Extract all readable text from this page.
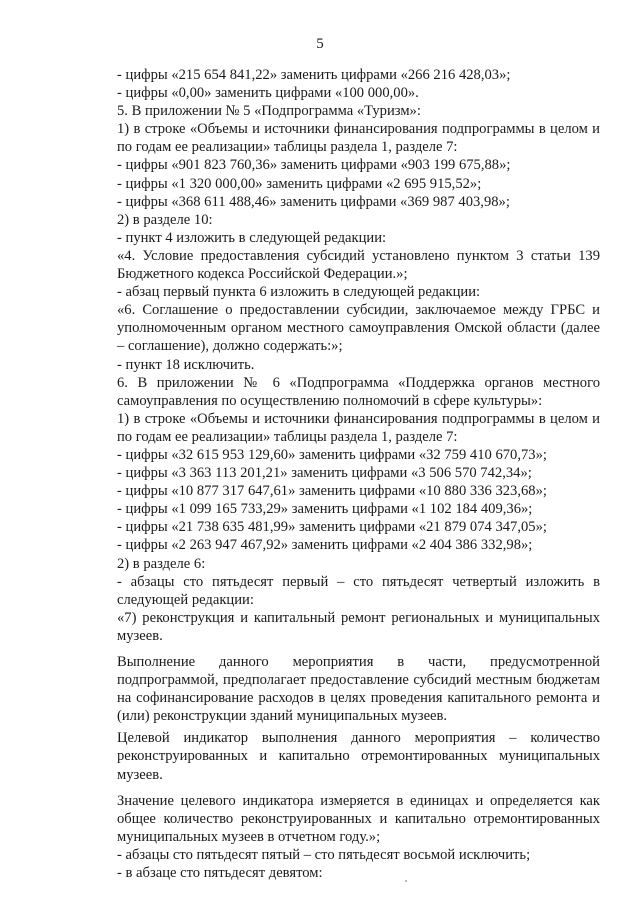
5

- цифры «215 654 841,22» заменить цифрами «266 216 428,03»;

- цифры «0,00» заменить цифрами «100 000,00».

5. В приложении № 5 «Подпрограмма «Туризм»:

1) в строке «Объемы и источники финансирования подпрограммы в целом и по годам ее реализации» таблицы раздела 1, разделе 7:

- цифры «901 823 760,36» заменить цифрами «903 199 675,88»;

- цифры «1 320 000,00» заменить цифрами «2 695 915,52»;

- цифры «368 611 488,46» заменить цифрами «369 987 403,98»;

2) в разделе 10:

- пункт 4 изложить в следующей редакции:

«4. Условие предоставления субсидий установлено пунктом 3 статьи 139 Бюджетного кодекса Российской Федерации.»;

- абзац первый пункта 6 изложить в следующей редакции:

«6. Соглашение о предоставлении субсидии, заключаемое между ГРБС и уполномоченным органом местного самоуправления Омской области (далее – соглашение), должно содержать:»;

- пункт 18 исключить.

6. В приложении № 6 «Подпрограмма «Поддержка органов местного самоуправления по осуществлению полномочий в сфере культуры»:

1) в строке «Объемы и источники финансирования подпрограммы в целом и по годам ее реализации» таблицы раздела 1, разделе 7:

- цифры «32 615 953 129,60» заменить цифрами «32 759 410 670,73»;

- цифры «3 363 113 201,21» заменить цифрами «3 506 570 742,34»;

- цифры «10 877 317 647,61» заменить цифрами «10 880 336 323,68»;

- цифры «1 099 165 733,29» заменить цифрами «1 102 184 409,36»;

- цифры «21 738 635 481,99» заменить цифрами «21 879 074 347,05»;

- цифры «2 263 947 467,92» заменить цифрами «2 404 386 332,98»;

2) в разделе 6:

- абзацы сто пятьдесят первый – сто пятьдесят четвертый изложить в следующей редакции:

«7) реконструкция и капитальный ремонт региональных и муниципальных музеев.

Выполнение данного мероприятия в части, предусмотренной подпрограммой, предполагает предоставление субсидий местным бюджетам на софинансирование расходов в целях проведения капитального ремонта и (или) реконструкции зданий муниципальных музеев.

Целевой индикатор выполнения данного мероприятия – количество реконструированных и капитально отремонтированных муниципальных музеев.

Значение целевого индикатора измеряется в единицах и определяется как общее количество реконструированных и капитально отремонтированных муниципальных музеев в отчетном году.»;

- абзацы сто пятьдесят пятый – сто пятьдесят восьмой исключить;

- в абзаце сто пятьдесят девятом:
